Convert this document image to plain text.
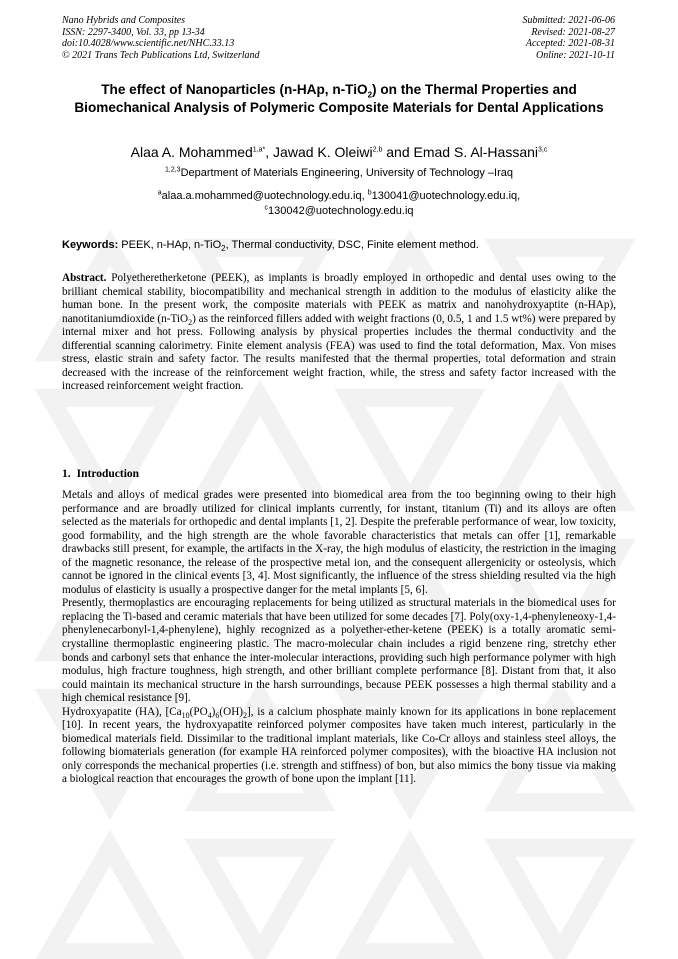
Nano Hybrids and Composites
ISSN: 2297-3400, Vol. 33, pp 13-34
doi:10.4028/www.scientific.net/NHC.33.13
© 2021 Trans Tech Publications Ltd, Switzerland
Submitted: 2021-06-06
Revised: 2021-08-27
Accepted: 2021-08-31
Online: 2021-10-11
The effect of Nanoparticles (n-HAp, n-TiO$_2$) on the Thermal Properties and Biomechanical Analysis of Polymeric Composite Materials for Dental Applications
Alaa A. Mohammed$^{1,a*}$, Jawad K. Oleiwi$^{2,b}$ and Emad S. Al-Hassani$^{3,c}$
$^{1,2,3}$Department of Materials Engineering, University of Technology –Iraq
$^a$alaa.a.mohammed@uotechnology.edu.iq, $^b$130041@uotechnology.edu.iq,
$^c$130042@uotechnology.edu.iq
Keywords: PEEK, n-HAp, n-TiO$_2$, Thermal conductivity, DSC, Finite element method.
Abstract. Polyetheretherketone (PEEK), as implants is broadly employed in orthopedic and dental uses owing to the brilliant chemical stability, biocompatibility and mechanical strength in addition to the modulus of elasticity alike the human bone. In the present work, the composite materials with PEEK as matrix and nanohydroxyaptite (n-HAp), nanotitaniumdioxide (n-TiO$_2$) as the reinforced fillers added with weight fractions (0, 0.5, 1 and 1.5 wt%) were prepared by internal mixer and hot press. Following analysis by physical properties includes the thermal conductivity and the differential scanning calorimetry. Finite element analysis (FEA) was used to find the total deformation, Max. Von mises stress, elastic strain and safety factor. The results manifested that the thermal properties, total deformation and strain decreased with the increase of the reinforcement weight fraction, while, the stress and safety factor increased with the increased reinforcement weight fraction.
1. Introduction

Metals and alloys of medical grades were presented into biomedical area from the too beginning owing to their high performance and are broadly utilized for clinical implants currently, for instant, titanium (Ti) and its alloys are often selected as the materials for orthopedic and dental implants [1, 2]. Despite the preferable performance of wear, low toxicity, good formability, and the high strength are the whole favorable characteristics that metals can offer [1], remarkable drawbacks still present, for example, the artifacts in the X-ray, the high modulus of elasticity, the restriction in the imaging of the magnetic resonance, the release of the prospective metal ion, and the consequent allergenicity or osteolysis, which cannot be ignored in the clinical events [3, 4]. Most significantly, the influence of the stress shielding resulted via the high modulus of elasticity is usually a prospective danger for the metal implants [5, 6].

Presently, thermoplastics are encouraging replacements for being utilized as structural materials in the biomedical uses for replacing the Ti-based and ceramic materials that have been utilized for some decades [7]. Poly(oxy-1,4-phenyleneoxy-1,4-phenylenecarbonyl-1,4-phenylene), highly recognized as a polyether-ether-ketene (PEEK) is a totally aromatic semi-crystalline thermoplastic engineering plastic. The macro-molecular chain includes a rigid benzene ring, stretchy ether bonds and carbonyl sets that enhance the inter-molecular interactions, providing such high performance polymer with high modulus, high fracture toughness, high strength, and other brilliant complete performance [8]. Distant from that, it also could maintain its mechanical structure in the harsh surroundings, because PEEK possesses a high thermal stability and a high chemical resistance [9].

Hydroxyapatite (HA), $[Ca_{10}(PO_4)_6(OH)_2]$, is a calcium phosphate mainly known for its applications in bone replacement [10]. In recent years, the hydroxyapatite reinforced polymer composites have taken much interest, particularly in the biomedical materials field. Dissimilar to the traditional implant materials, like Co-Cr alloys and stainless steel alloys, the following biomaterials generation (for example HA reinforced polymer composites), with the bioactive HA inclusion not only corresponds the mechanical properties (i.e. strength and stiffness) of bon, but also mimics the bony tissue via making a biological reaction that encourages the growth of bone upon the implant [11].
